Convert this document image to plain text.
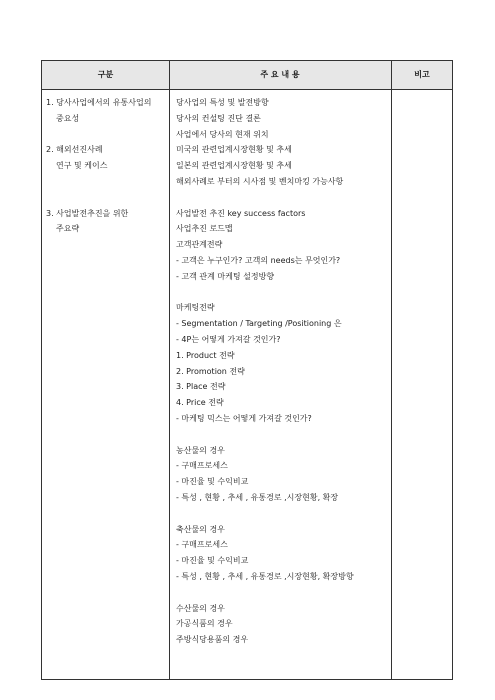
구분	주 요 내 용	비고
1. 당사사업에서의 유통사업의
중요성
2. 해외선진사례
연구 및 케이스
3. 사업발전추진을 위한
주요략
당사업의 특성 및 발전방향
당사의 컨설팅 진단 결론
사업에서 당사의 현재 위치
미국의 관련업계시장현황 및 추세
일본의 관련업계시장현황 및 추세
해외사례로 부터의 시사점 및 벤치마킹 가능사항
사업발전 추진 key success factors
사업추진 로드맵
고객관계전략
- 고객은 누구인가? 고객의 needs는 무엇인가?
- 고객 관계 마케팅 설정방향
마케팅전략
- Segmentation / Targeting /Positioning 은
- 4P는 어떻게 가져갈 것인가?
1. Product 전략
2. Promotion 전략
3. Place 전략
4. Price 전략
- 마케팅 믹스는 어떻게 가져갈 것인가?
농산물의 경우
- 구매프로세스
- 마진율 및 수익비교
- 특성 , 현황 , 추세 , 유통경로 ,시장현황, 확장
축산물의 경우
- 구매프로세스
- 마진율 및 수익비교
- 특성 , 현황 , 추세 , 유통경로 ,시장현황, 확장방향
수산물의 경우
가공식품의 경우
주방식당용품의 경우
